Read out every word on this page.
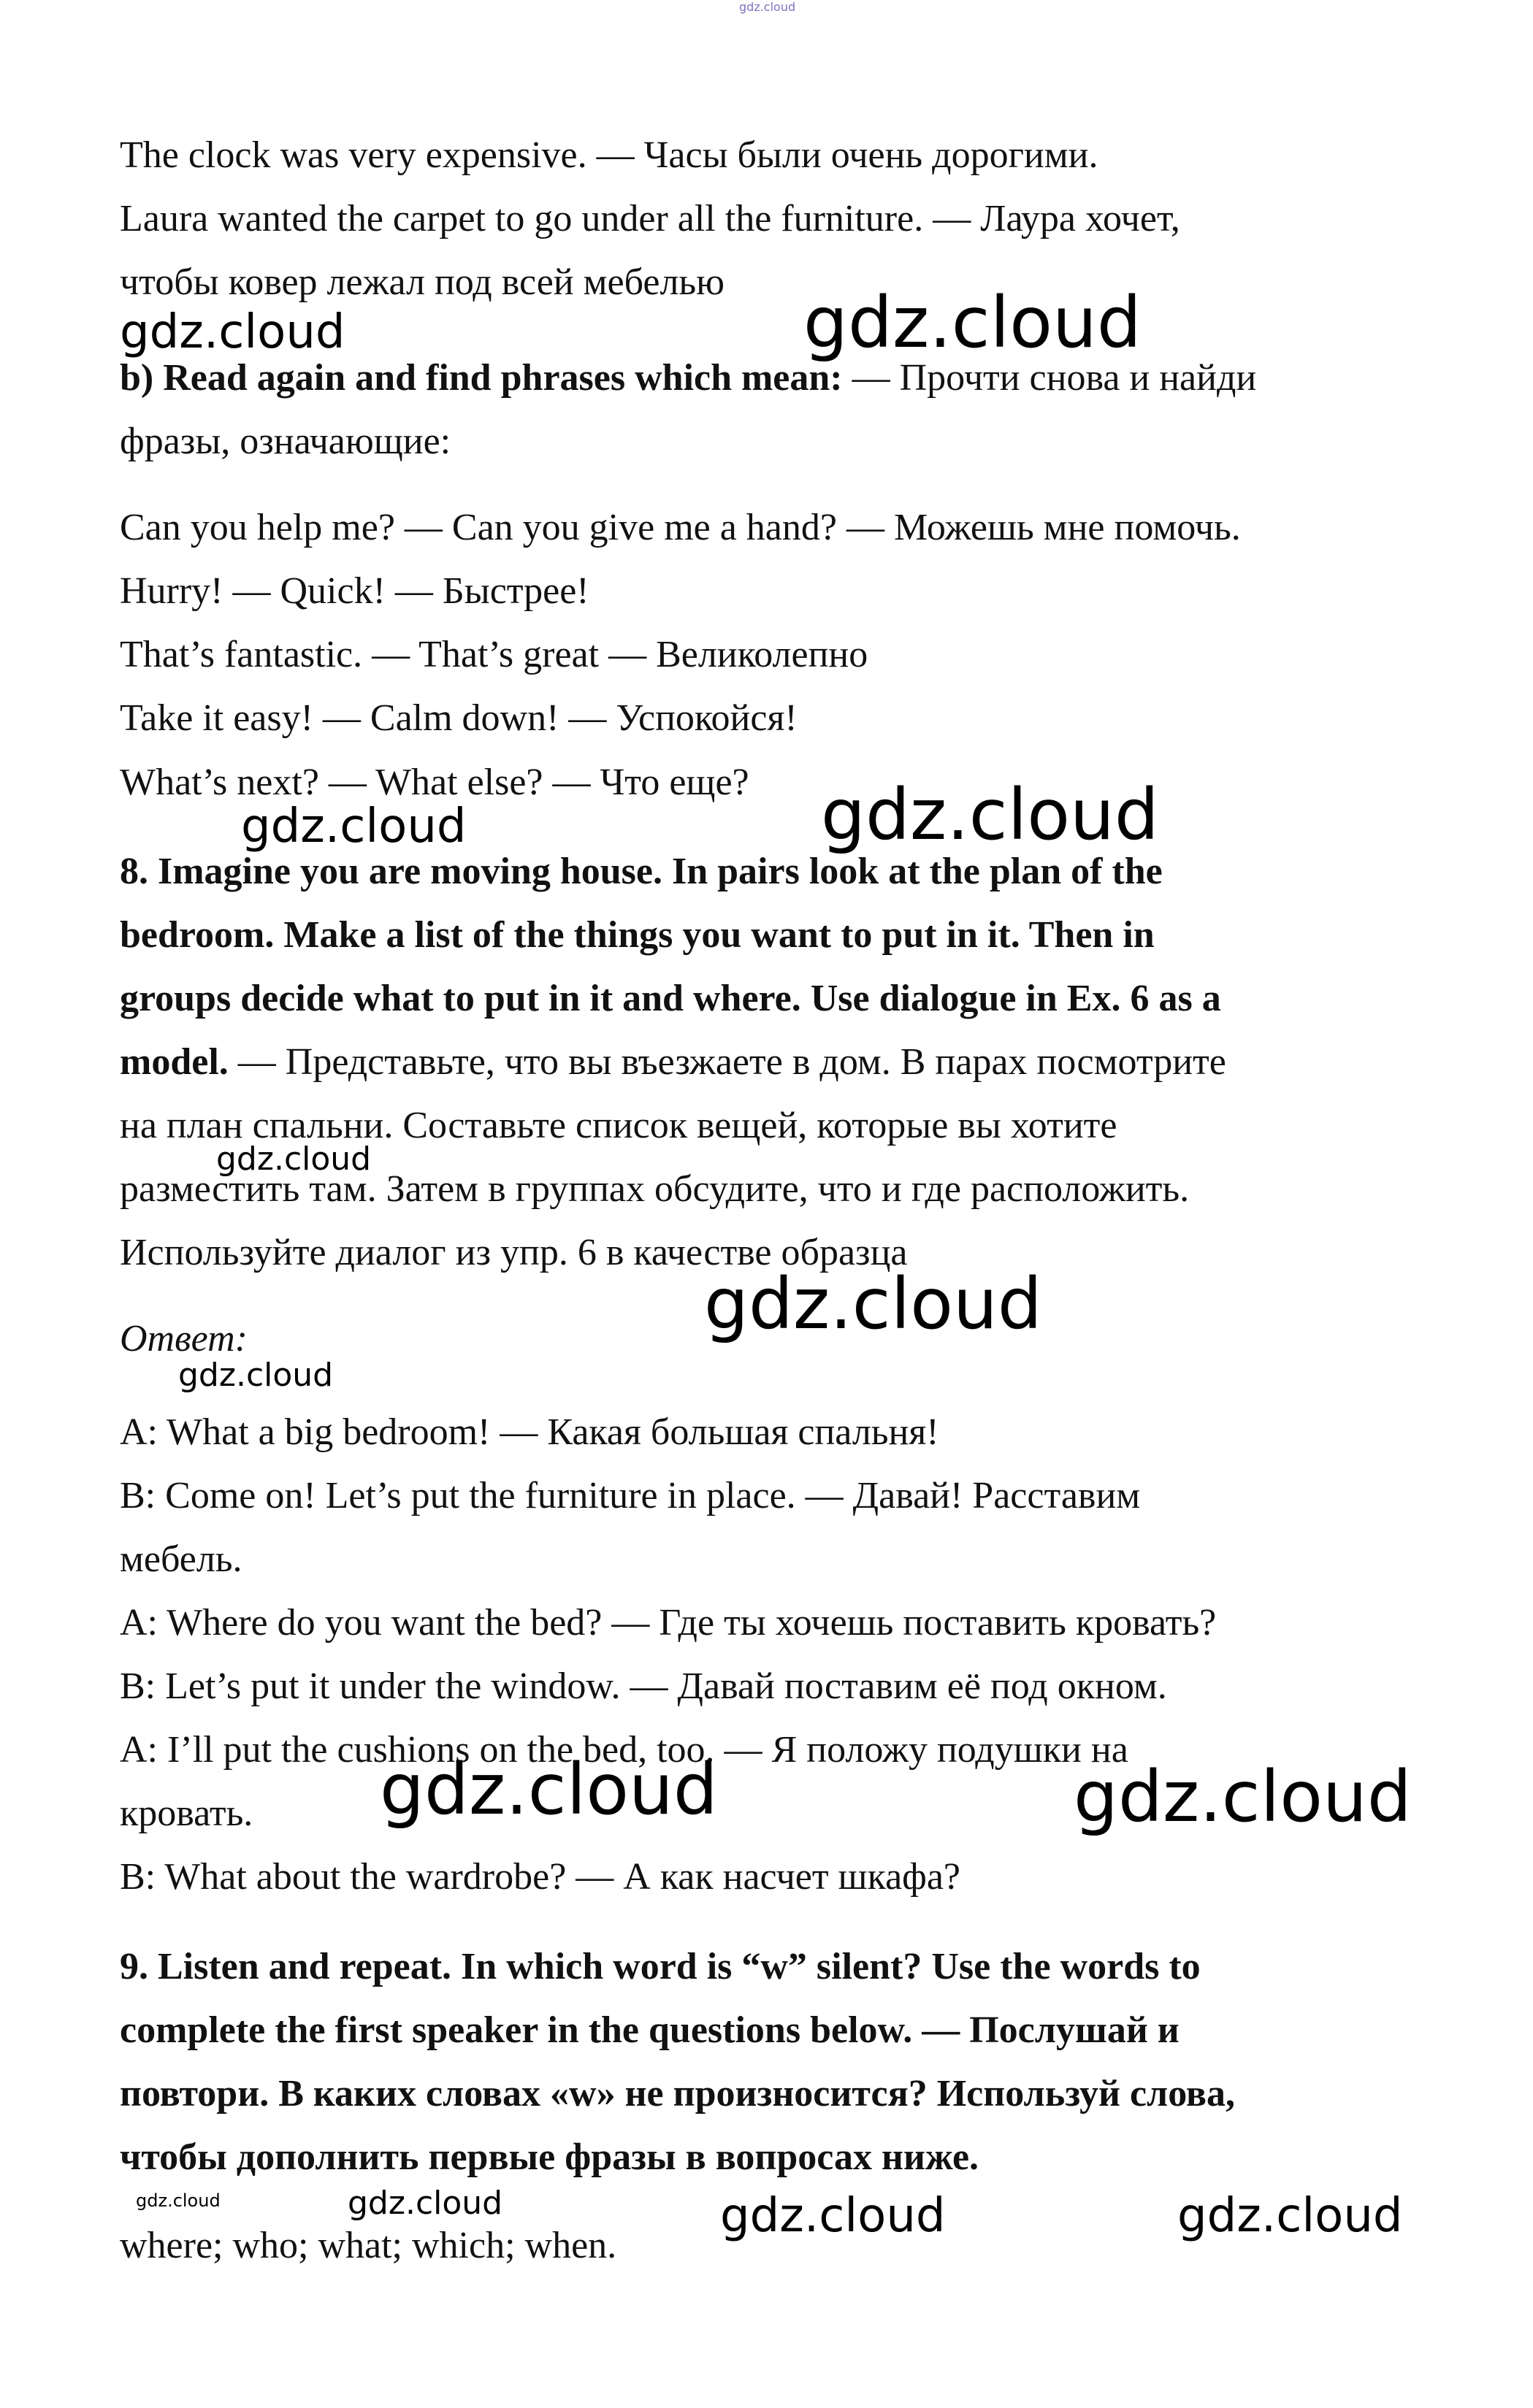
gdz.cloud
The clock was very expensive. — Часы были очень дорогими.
Laura wanted the carpet to go under all the furniture. — Лаура хочет,
чтобы ковер лежал под всей мебелью
gdz.cloud	gdz.cloud
b) Read again and find phrases which mean: — Прочти снова и найди
фразы, означающие:
Can you help me? — Can you give me a hand? — Можешь мне помочь.
Hurry! — Quick! — Быстрее!
That’s fantastic. — That’s great — Великолепно
Take it easy! — Calm down! — Успокойся!
What’s next? — What else? — Что еще?
gdz.cloud	gdz.cloud
8. Imagine you are moving house. In pairs look at the plan of the
bedroom. Make a list of the things you want to put in it. Then in
groups decide what to put in it and where. Use dialogue in Ex. 6 as a
model. — Представьте, что вы въезжаете в дом. В парах посмотрите
на план спальни. Составьте список вещей, которые вы хотите
gdz.cloud
разместить там. Затем в группах обсудите, что и где расположить.
Используйте диалог из упр. 6 в качестве образца
gdz.cloud
Ответ:
gdz.cloud
A: What a big bedroom! — Какая большая спальня!
B: Come on! Let’s put the furniture in place. — Давай! Расставим
мебель.
A: Where do you want the bed? — Где ты хочешь поставить кровать?
B: Let’s put it under the window. — Давай поставим её под окном.
A: I’ll put the cushions on the bed, too. — Я положу подушки на
кровать.
B: What about the wardrobe? — А как насчет шкафа?
gdz.cloud	gdz.cloud
9. Listen and repeat. In which word is “w” silent? Use the words to
complete the first speaker in the questions below. — Послушай и
повтори. В каких словах «w» не произносится? Используй слова,
чтобы дополнить первые фразы в вопросах ниже.
gdz.cloud	gdz.cloud	gdz.cloud	gdz.cloud
where; who; what; which; when.
